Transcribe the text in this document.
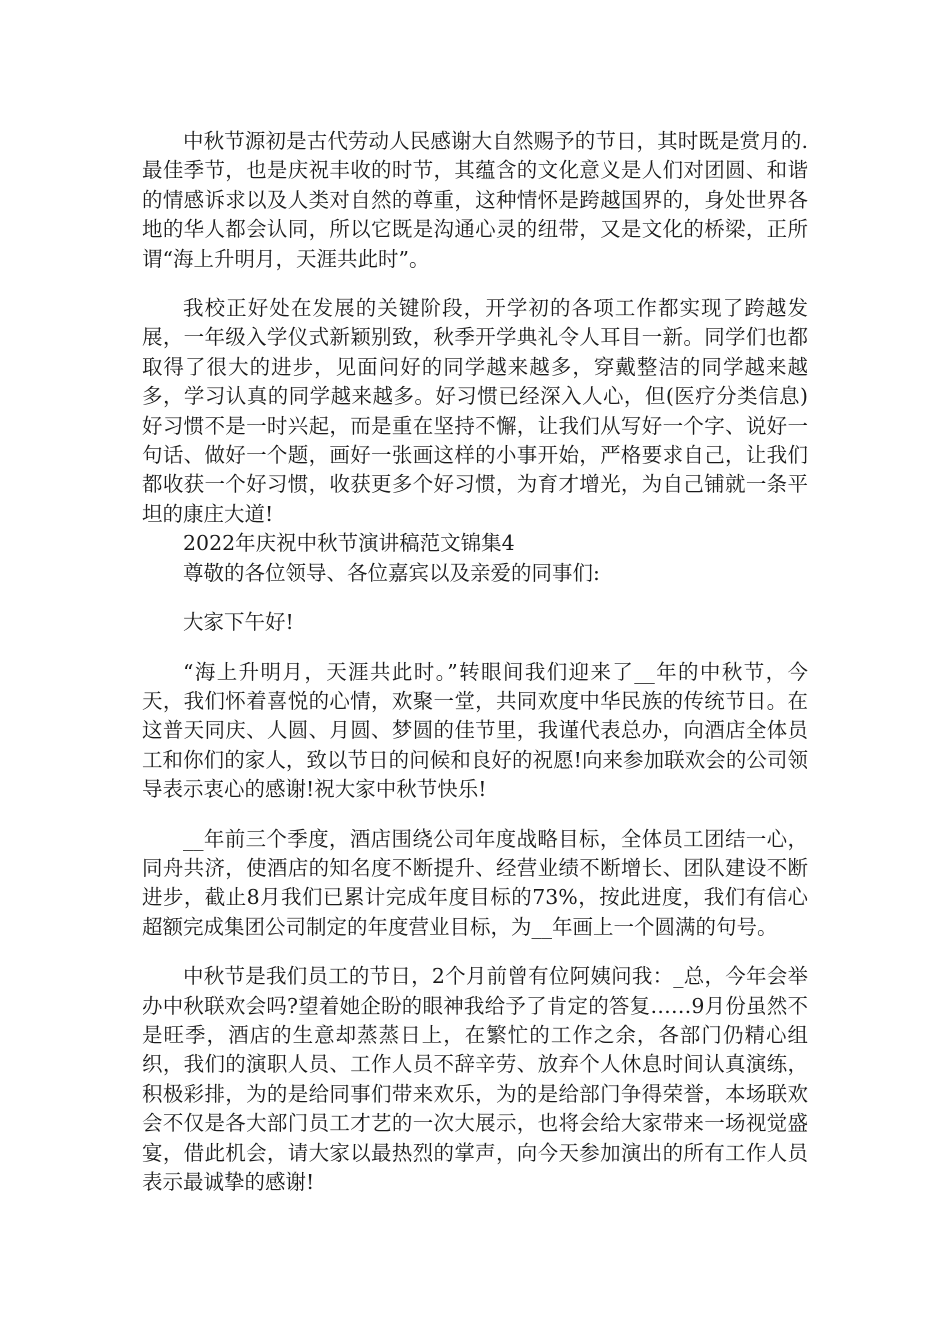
中秋节源初是古代劳动人民感谢大自然赐予的节日，其时既是赏月的.最佳季节，也是庆祝丰收的时节，其蕴含的文化意义是人们对团圆、和谐的情感诉求以及人类对自然的尊重，这种情怀是跨越国界的，身处世界各地的华人都会认同，所以它既是沟通心灵的纽带，又是文化的桥梁，正所谓“海上升明月，天涯共此时”。

我校正好处在发展的关键阶段，开学初的各项工作都实现了跨越发展，一年级入学仪式新颖别致，秋季开学典礼令人耳目一新。同学们也都取得了很大的进步，见面问好的同学越来越多，穿戴整洁的同学越来越多，学习认真的同学越来越多。好习惯已经深入人心，但(医疗分类信息)好习惯不是一时兴起，而是重在坚持不懈，让我们从写好一个字、说好一句话、做好一个题，画好一张画这样的小事开始，严格要求自己，让我们都收获一个好习惯，收获更多个好习惯，为育才增光，为自己铺就一条平坦的康庄大道!

2022年庆祝中秋节演讲稿范文锦集4

尊敬的各位领导、各位嘉宾以及亲爱的同事们:

大家下午好!

“海上升明月，天涯共此时。”转眼间我们迎来了__年的中秋节，今天，我们怀着喜悦的心情，欢聚一堂，共同欢度中华民族的传统节日。在这普天同庆、人圆、月圆、梦圆的佳节里，我谨代表总办，向酒店全体员工和你们的家人，致以节日的问候和良好的祝愿!向来参加联欢会的公司领导表示衷心的感谢!祝大家中秋节快乐!

__年前三个季度，酒店围绕公司年度战略目标，全体员工团结一心，同舟共济，使酒店的知名度不断提升、经营业绩不断增长、团队建设不断进步，截止8月我们已累计完成年度目标的73%，按此进度，我们有信心超额完成集团公司制定的年度营业目标，为__年画上一个圆满的句号。

中秋节是我们员工的节日，2个月前曾有位阿姨问我：_总，今年会举办中秋联欢会吗?望着她企盼的眼神我给予了肯定的答复……9月份虽然不是旺季，酒店的生意却蒸蒸日上，在繁忙的工作之余，各部门仍精心组织，我们的演职人员、工作人员不辞辛劳、放弃个人休息时间认真演练，积极彩排，为的是给同事们带来欢乐，为的是给部门争得荣誉，本场联欢会不仅是各大部门员工才艺的一次大展示，也将会给大家带来一场视觉盛宴，借此机会，请大家以最热烈的掌声，向今天参加演出的所有工作人员表示最诚挚的感谢!
